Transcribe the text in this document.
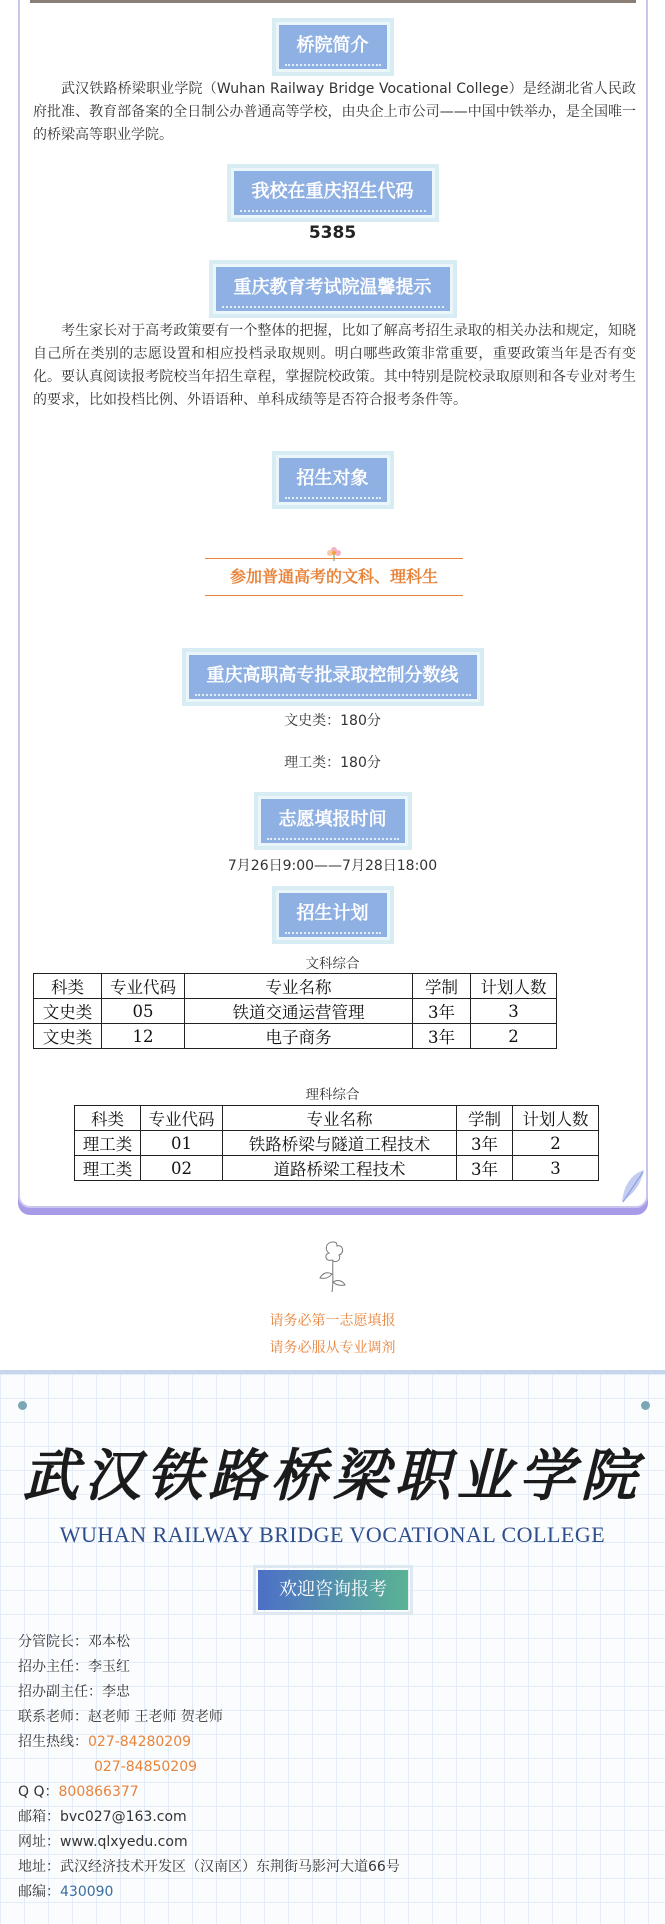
桥院简介

武汉铁路桥梁职业学院（Wuhan Railway Bridge Vocational College）是经湖北省人民政府批准、教育部备案的全日制公办普通高等学校，由央企上市公司——中国中铁举办，是全国唯一的桥梁高等职业学院。

我校在重庆招生代码
5385
重庆教育考试院温馨提示

考生家长对于高考政策要有一个整体的把握，比如了解高考招生录取的相关办法和规定，知晓自己所在类别的志愿设置和相应投档录取规则。明白哪些政策非常重要，重要政策当年是否有变化。要认真阅读报考院校当年招生章程，掌握院校政策。其中特别是院校录取原则和各专业对考生的要求，比如投档比例、外语语种、单科成绩等是否符合报考条件等。

招生对象
参加普通高考的文科、理科生
重庆高职高专批录取控制分数线
文史类：180分
理工类：180分
志愿填报时间
7月26日9:00——7月28日18:00
招生计划
文科综合
科类	专业代码	专业名称	学制	计划人数
文史类	05	铁道交通运营管理	3年	3
文史类	12	电子商务	3年	2
理科综合
科类	专业代码	专业名称	学制	计划人数
理工类	01	铁路桥梁与隧道工程技术	3年	2
理工类	02	道路桥梁工程技术	3年	3
请务必第一志愿填报
请务必服从专业调剂
武汉铁路桥梁职业学院
WUHAN RAILWAY BRIDGE VOCATIONAL COLLEGE
欢迎咨询报考
分管院长：邓本松
招办主任：李玉红
招办副主任：李忠
联系老师：赵老师 王老师 贺老师
招生热线：027-84280209
027-84850209
Q Q：800866377
邮箱：bvc027@163.com
网址：www.qlxyedu.com
地址：武汉经济技术开发区（汉南区）东荆街马影河大道66号
邮编：430090
